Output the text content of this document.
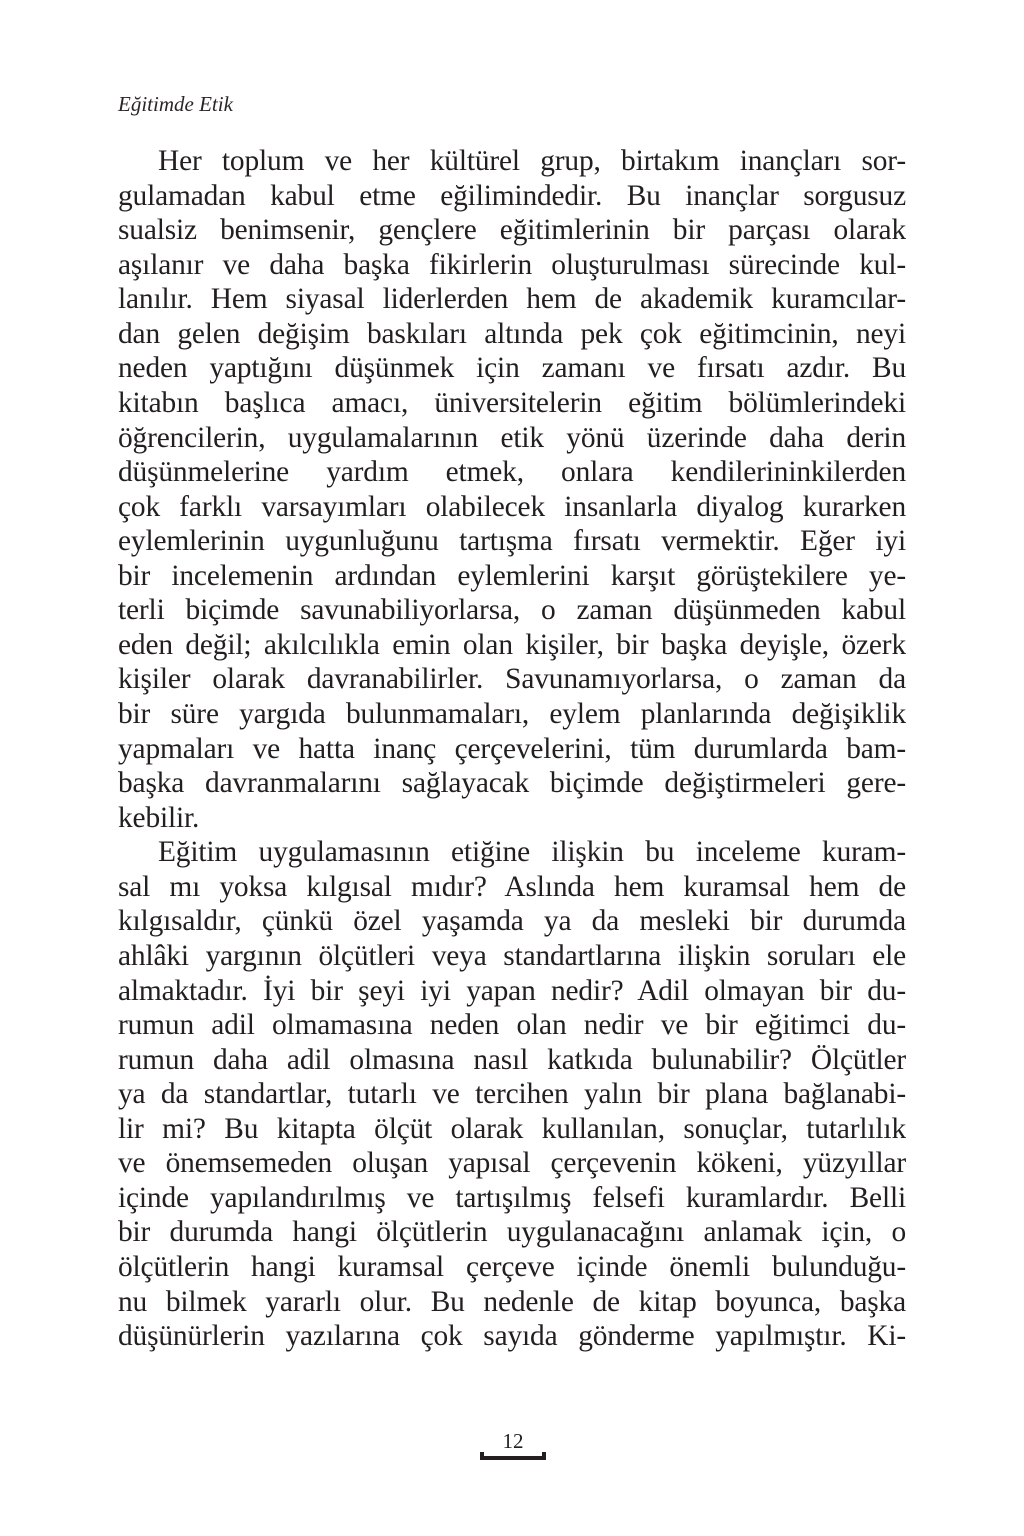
Eğitimde Etik
Her toplum ve her kültürel grup, birtakım inançları sor-
gulamadan kabul etme eğilimindedir. Bu inançlar sorgusuz
sualsiz benimsenir, gençlere eğitimlerinin bir parçası olarak
aşılanır ve daha başka fikirlerin oluşturulması sürecinde kul-
lanılır. Hem siyasal liderlerden hem de akademik kuramcılar-
dan gelen değişim baskıları altında pek çok eğitimcinin, neyi
neden yaptığını düşünmek için zamanı ve fırsatı azdır. Bu
kitabın başlıca amacı, üniversitelerin eğitim bölümlerindeki
öğrencilerin, uygulamalarının etik yönü üzerinde daha derin
düşünmelerine yardım etmek, onlara kendilerininkilerden
çok farklı varsayımları olabilecek insanlarla diyalog kurarken
eylemlerinin uygunluğunu tartışma fırsatı vermektir. Eğer iyi
bir incelemenin ardından eylemlerini karşıt görüştekilere ye-
terli biçimde savunabiliyorlarsa, o zaman düşünmeden kabul
eden değil; akılcılıkla emin olan kişiler, bir başka deyişle, özerk
kişiler olarak davranabilirler. Savunamıyorlarsa, o zaman da
bir süre yargıda bulunmamaları, eylem planlarında değişiklik
yapmaları ve hatta inanç çerçevelerini, tüm durumlarda bam-
başka davranmalarını sağlayacak biçimde değiştirmeleri gere-
kebilir.
Eğitim uygulamasının etiğine ilişkin bu inceleme kuram-
sal mı yoksa kılgısal mıdır? Aslında hem kuramsal hem de
kılgısaldır, çünkü özel yaşamda ya da mesleki bir durumda
ahlâki yargının ölçütleri veya standartlarına ilişkin soruları ele
almaktadır. İyi bir şeyi iyi yapan nedir? Adil olmayan bir du-
rumun adil olmamasına neden olan nedir ve bir eğitimci du-
rumun daha adil olmasına nasıl katkıda bulunabilir? Ölçütler
ya da standartlar, tutarlı ve tercihen yalın bir plana bağlanabi-
lir mi? Bu kitapta ölçüt olarak kullanılan, sonuçlar, tutarlılık
ve önemsemeden oluşan yapısal çerçevenin kökeni, yüzyıllar
içinde yapılandırılmış ve tartışılmış felsefi kuramlardır. Belli
bir durumda hangi ölçütlerin uygulanacağını anlamak için, o
ölçütlerin hangi kuramsal çerçeve içinde önemli bulunduğu-
nu bilmek yararlı olur. Bu nedenle de kitap boyunca, başka
düşünürlerin yazılarına çok sayıda gönderme yapılmıştır. Ki-
12
